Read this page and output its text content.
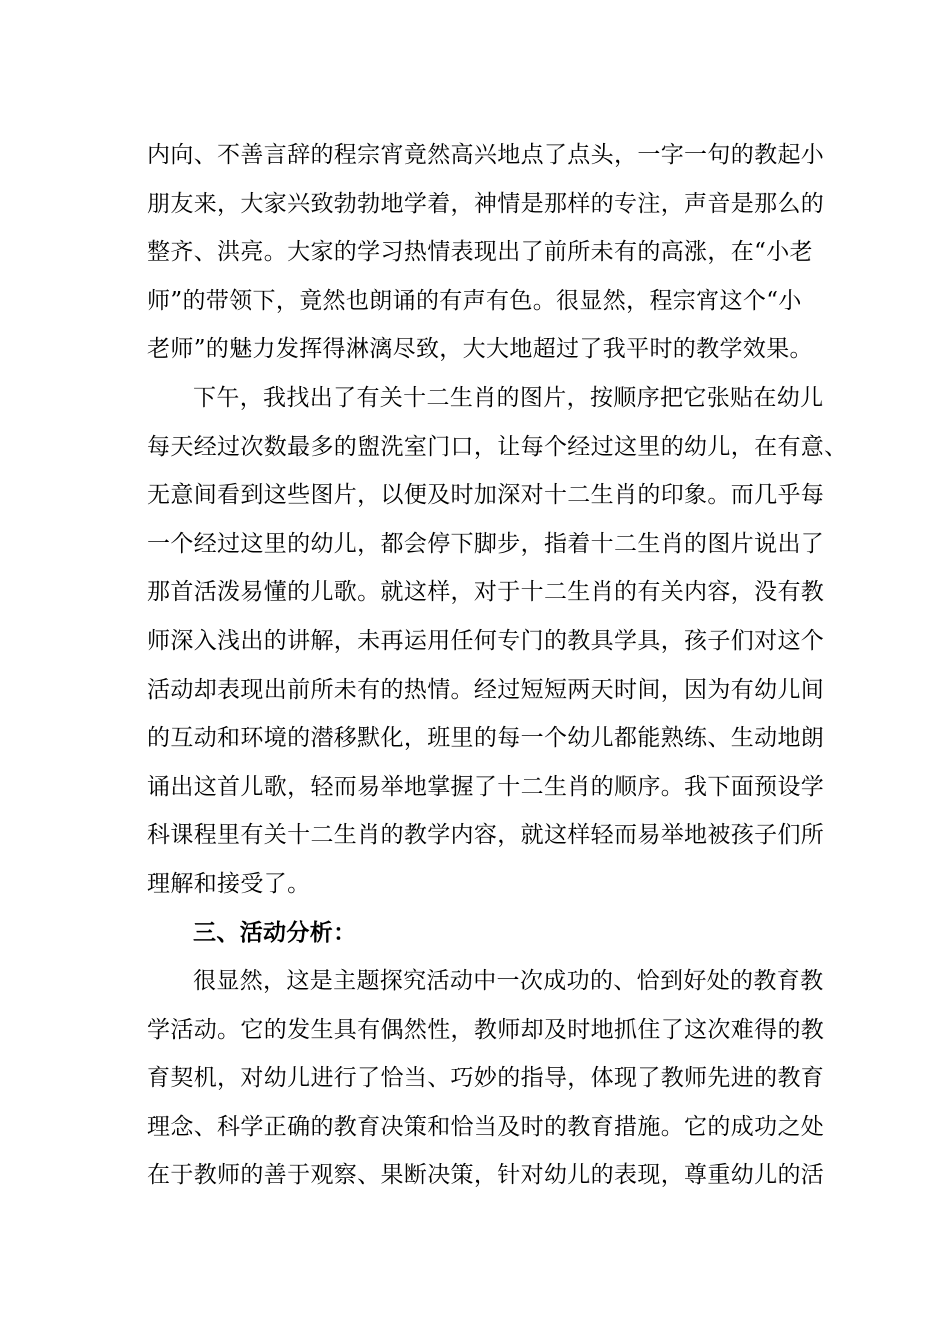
内向、不善言辞的程宗宵竟然高兴地点了点头，一字一句的教起小
朋友来，大家兴致勃勃地学着，神情是那样的专注，声音是那么的
整齐、洪亮。大家的学习热情表现出了前所未有的高涨，在“小老
师”的带领下，竟然也朗诵的有声有色。很显然，程宗宵这个“小
老师”的魅力发挥得淋漓尽致，大大地超过了我平时的教学效果。
下午，我找出了有关十二生肖的图片，按顺序把它张贴在幼儿
每天经过次数最多的盥洗室门口，让每个经过这里的幼儿，在有意、
无意间看到这些图片，以便及时加深对十二生肖的印象。而几乎每
一个经过这里的幼儿，都会停下脚步，指着十二生肖的图片说出了
那首活泼易懂的儿歌。就这样，对于十二生肖的有关内容，没有教
师深入浅出的讲解，未再运用任何专门的教具学具，孩子们对这个
活动却表现出前所未有的热情。经过短短两天时间，因为有幼儿间
的互动和环境的潜移默化，班里的每一个幼儿都能熟练、生动地朗
诵出这首儿歌，轻而易举地掌握了十二生肖的顺序。我下面预设学
科课程里有关十二生肖的教学内容，就这样轻而易举地被孩子们所
理解和接受了。
三、活动分析：
很显然，这是主题探究活动中一次成功的、恰到好处的教育教
学活动。它的发生具有偶然性，教师却及时地抓住了这次难得的教
育契机，对幼儿进行了恰当、巧妙的指导，体现了教师先进的教育
理念、科学正确的教育决策和恰当及时的教育措施。它的成功之处
在于教师的善于观察、果断决策，针对幼儿的表现，尊重幼儿的活
